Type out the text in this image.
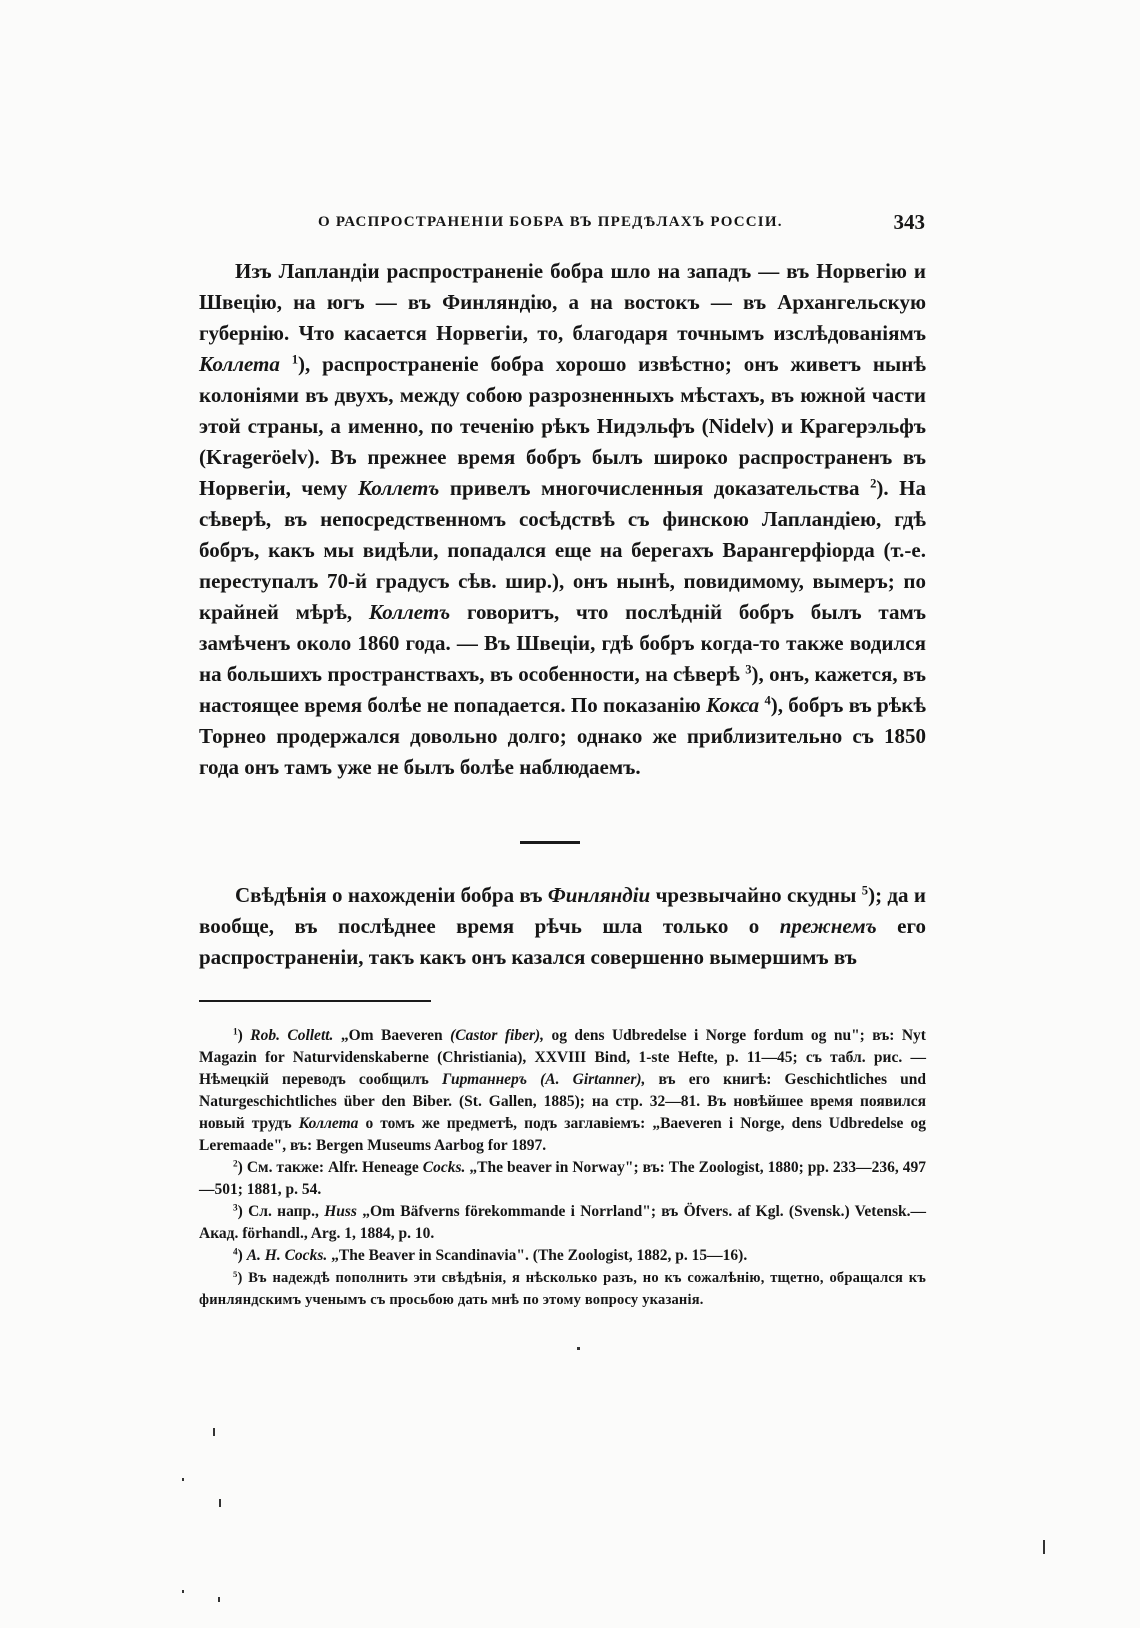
О РАСПРОСТРАНЕНІИ БОБРА ВЪ ПРЕДѢЛАХЪ РОССІИ.	343

Изъ Лапландіи распространеніе бобра шло на западъ — въ Норвегію и Швецію, на югъ — въ Финляндію, а на востокъ — въ Архангельскую губернію. Что касается Норвегіи, то, благодаря точнымъ изслѣдованіямъ Коллета $^1$), распространеніе бобра хорошо извѣстно; онъ живетъ нынѣ колоніями въ двухъ, между собою разрозненныхъ мѣстахъ, въ южной части этой страны, а именно, по теченію рѣкъ Нидэльфъ (Nidelv) и Крагерэльфъ (Kragerӧelv). Въ прежнее время бобръ былъ широко распространенъ въ Норвегіи, чему Коллетъ привелъ многочисленныя доказательства $^2$). На сѣверѣ, въ непосредственномъ сосѣдствѣ съ финскою Лапландіею, гдѣ бобръ, какъ мы видѣли, попадался еще на берегахъ Варангерфіорда (т.-е. переступалъ 70-й градусъ сѣв. шир.), онъ нынѣ, повидимому, вымеръ; по крайней мѣрѣ, Коллетъ говоритъ, что послѣдній бобръ былъ тамъ замѣченъ около 1860 года. — Въ Швеціи, гдѣ бобръ когда-то также водился на большихъ пространствахъ, въ особенности, на сѣверѣ $^3$), онъ, кажется, въ настоящее время болѣе не попадается. По показанію Кокса $^4$), бобръ въ рѣкѣ Торнео продержался довольно долго; однако же приблизительно съ 1850 года онъ тамъ уже не былъ болѣе наблюдаемъ.

Свѣдѣнія о нахожденіи бобра въ Финляндіи чрезвычайно скудны $^5$); да и вообще, въ послѣднее время рѣчь шла только о прежнемъ его распространеніи, такъ какъ онъ казался совершенно вымершимъ въ

$^1$) Rob. Collett. „Om Baeveren (Castor fiber), og dens Udbredelse i Norge fordum og nu"; въ: Nyt Magazin for Naturvidenskaberne (Christiania), XXVIII Bind, 1-ste Hefte, p. 11—45; съ табл. рис. — Нѣмецкій переводъ сообщилъ Гиртаннеръ (A. Girtanner), въ его книгѣ: Geschichtliches und Naturgeschichtliches über den Biber. (St. Gallen, 1885); на стр. 32—81. Въ новѣйшее время появился новый трудъ Коллета о томъ же предметѣ, подъ заглавіемъ: „Baeveren i Norge, dens Udbredelse og Leremaade", въ: Bergen Museums Aarbog for 1897.

$^2$) См. также: Alfr. Heneage Cocks. „The beaver in Norway"; въ: The Zoologist, 1880; pp. 233—236, 497—501; 1881, p. 54.

$^3$) Сл. напр., Huss „Om Bäfverns förekommande i Norrland"; въ Öfvers. af Kgl. (Svensk.) Vetensk.—Акад. förhandl., Arg. 1, 1884, p. 10.

$^4$) A. H. Cocks. „The Beaver in Scandinavia". (The Zoologist, 1882, p. 15—16).

$^5$) Въ надеждѣ пополнить эти свѣдѣнія, я нѣсколько разъ, но къ сожалѣнію, тщетно, обращался къ финляндскимъ ученымъ съ просьбою дать мнѣ по этому вопросу указанія.
